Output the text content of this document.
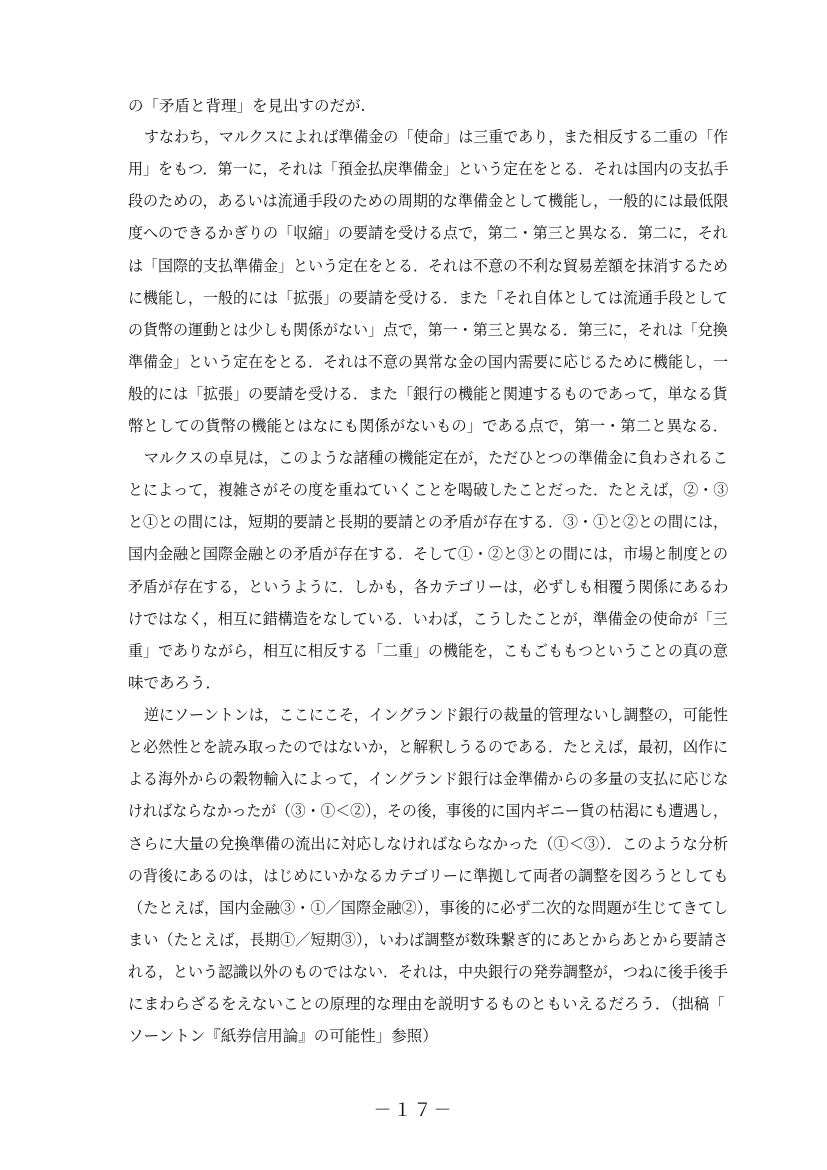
の「矛盾と背理」を見出すのだが.
すなわち，マルクスによれば準備金の「使命」は三重であり，また相反する二重の「作
用」をもつ．第一に，それは「預金払戻準備金」という定在をとる．それは国内の支払手
段のための，あるいは流通手段のための周期的な準備金として機能し，一般的には最低限
度へのできるかぎりの「収縮」の要請を受ける点で，第二・第三と異なる．第二に，それ
は「国際的支払準備金」という定在をとる．それは不意の不利な貿易差額を抹消するため
に機能し，一般的には「拡張」の要請を受ける．また「それ自体としては流通手段として
の貨幣の運動とは少しも関係がない」点で，第一・第三と異なる．第三に，それは「兌換
準備金」という定在をとる．それは不意の異常な金の国内需要に応じるために機能し，一
般的には「拡張」の要請を受ける．また「銀行の機能と関連するものであって，単なる貨
幣としての貨幣の機能とはなにも関係がないもの」である点で，第一・第二と異なる．
マルクスの卓見は，このような諸種の機能定在が，ただひとつの準備金に負わされるこ
とによって，複雑さがその度を重ねていくことを喝破したことだった．たとえば，②・③
と①との間には，短期的要請と長期的要請との矛盾が存在する．③・①と②との間には，
国内金融と国際金融との矛盾が存在する．そして①・②と③との間には，市場と制度との
矛盾が存在する，というように．しかも，各カテゴリーは，必ずしも相覆う関係にあるわ
けではなく，相互に錯構造をなしている．いわば，こうしたことが，準備金の使命が「三
重」でありながら，相互に相反する「二重」の機能を，こもごももつということの真の意
味であろう．
逆にソーントンは，ここにこそ，イングランド銀行の裁量的管理ないし調整の，可能性
と必然性とを読み取ったのではないか，と解釈しうるのである．たとえば，最初，凶作に
よる海外からの穀物輸入によって，イングランド銀行は金準備からの多量の支払に応じな
ければならなかったが（③・①＜②），その後，事後的に国内ギニー貨の枯渇にも遭遇し，
さらに大量の兌換準備の流出に対応しなければならなかった（①＜③）．このような分析
の背後にあるのは，はじめにいかなるカテゴリーに準拠して両者の調整を図ろうとしても
（たとえば，国内金融③・①／国際金融②），事後的に必ず二次的な問題が生じてきてし
まい（たとえば，長期①／短期③），いわば調整が数珠繋ぎ的にあとからあとから要請さ
れる，という認識以外のものではない．それは，中央銀行の発券調整が，つねに後手後手
にまわらざるをえないことの原理的な理由を説明するものともいえるだろう．（拙稿「
ソーントン『紙券信用論』の可能性」参照）
－１７－
